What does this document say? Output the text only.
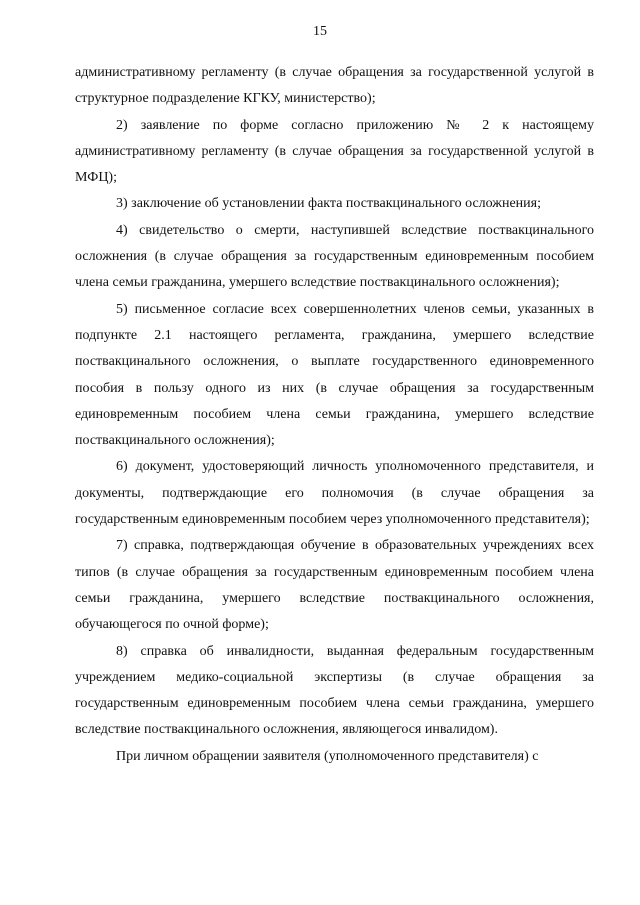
15

административному регламенту (в случае обращения за государственной услугой в структурное подразделение КГКУ, министерство);

2) заявление по форме согласно приложению № 2 к настоящему административному регламенту (в случае обращения за государственной услугой в МФЦ);

3) заключение об установлении факта поствакцинального осложнения;

4) свидетельство о смерти, наступившей вследствие поствакцинального осложнения (в случае обращения за государственным единовременным пособием члена семьи гражданина, умершего вследствие поствакцинального осложнения);

5) письменное согласие всех совершеннолетних членов семьи, указанных в подпункте 2.1 настоящего регламента, гражданина, умершего вследствие поствакцинального осложнения, о выплате государственного единовременного пособия в пользу одного из них (в случае обращения за государственным единовременным пособием члена семьи гражданина, умершего вследствие поствакцинального осложнения);

6) документ, удостоверяющий личность уполномоченного представителя, и документы, подтверждающие его полномочия (в случае обращения за государственным единовременным пособием через уполномоченного представителя);

7) справка, подтверждающая обучение в образовательных учреждениях всех типов (в случае обращения за государственным единовременным пособием члена семьи гражданина, умершего вследствие поствакцинального осложнения, обучающегося по очной форме);

8) справка об инвалидности, выданная федеральным государственным учреждением медико-социальной экспертизы (в случае обращения за государственным единовременным пособием члена семьи гражданина, умершего вследствие поствакцинального осложнения, являющегося инвалидом).

При личном обращении заявителя (уполномоченного представителя) с
